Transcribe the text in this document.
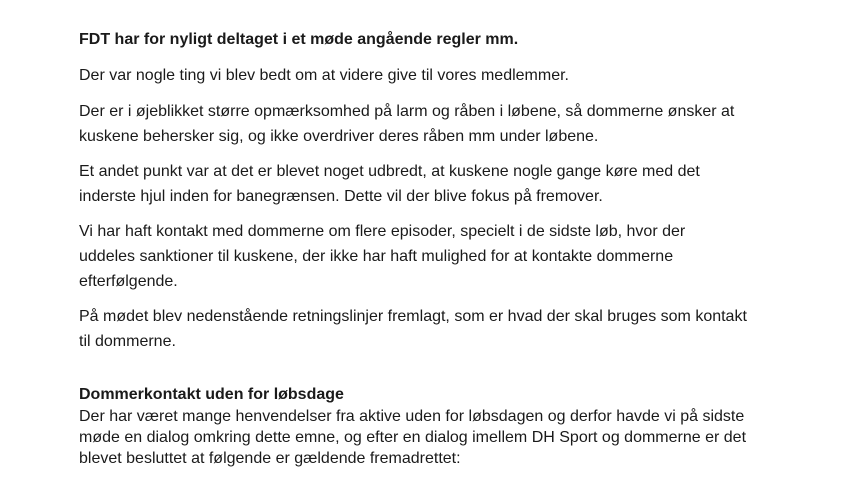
FDT har for nyligt deltaget i et møde angående regler mm.

Der var nogle ting vi blev bedt om at videre give til vores medlemmer.

Der er i øjeblikket større opmærksomhed på larm og råben i løbene, så dommerne ønsker at
kuskene behersker sig, og ikke overdriver deres råben mm under løbene.

Et andet punkt var at det er blevet noget udbredt, at kuskene nogle gange køre med det
inderste hjul inden for banegrænsen. Dette vil der blive fokus på fremover.

Vi har haft kontakt med dommerne om flere episoder, specielt i de sidste løb, hvor der
uddeles sanktioner til kuskene, der ikke har haft mulighed for at kontakte dommerne
efterfølgende.

På mødet blev nedenstående retningslinjer fremlagt, som er hvad der skal bruges som kontakt
til dommerne.

Dommerkontakt uden for løbsdage

Der har været mange henvendelser fra aktive uden for løbsdagen og derfor havde vi på sidste
møde en dialog omkring dette emne, og efter en dialog imellem DH Sport og dommerne er det
blevet besluttet at følgende er gældende fremadrettet:
